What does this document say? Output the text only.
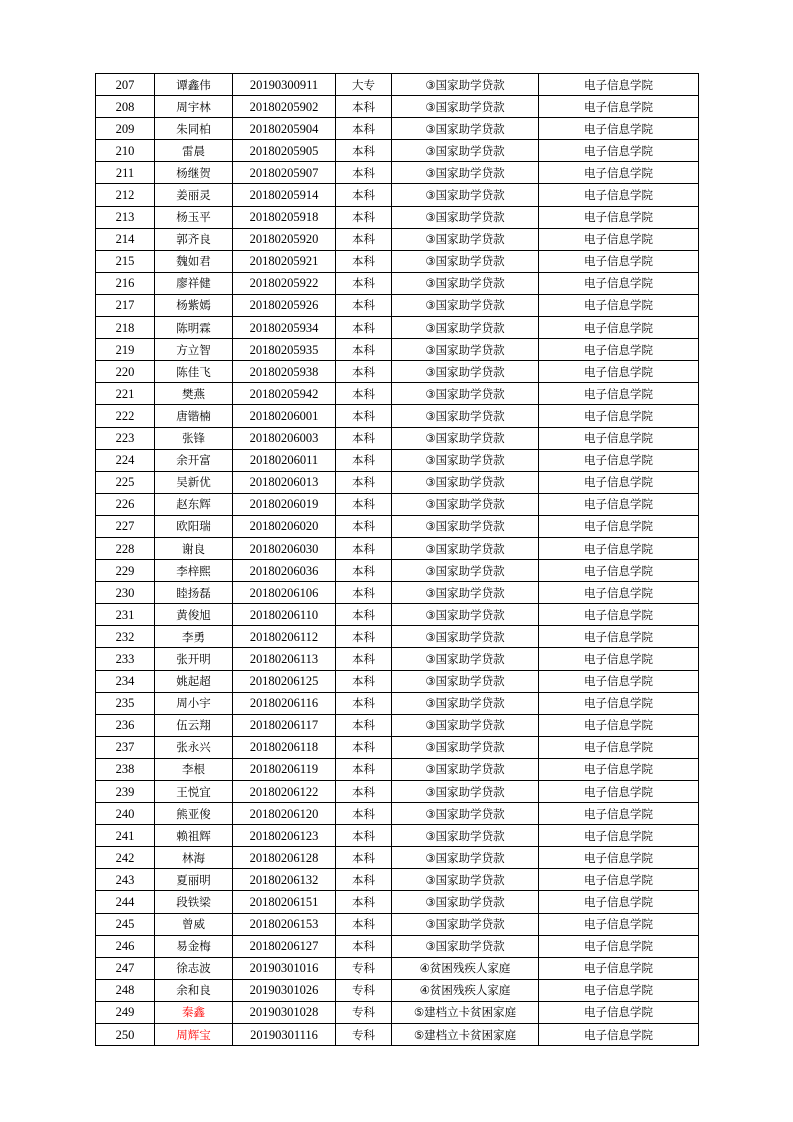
207	谭鑫伟	20190300911	大专	③国家助学贷款	电子信息学院
208	周宇林	20180205902	本科	③国家助学贷款	电子信息学院
209	朱同柏	20180205904	本科	③国家助学贷款	电子信息学院
210	雷晨	20180205905	本科	③国家助学贷款	电子信息学院
211	杨继贺	20180205907	本科	③国家助学贷款	电子信息学院
212	姜丽灵	20180205914	本科	③国家助学贷款	电子信息学院
213	杨玉平	20180205918	本科	③国家助学贷款	电子信息学院
214	郭齐良	20180205920	本科	③国家助学贷款	电子信息学院
215	魏如君	20180205921	本科	③国家助学贷款	电子信息学院
216	廖祥健	20180205922	本科	③国家助学贷款	电子信息学院
217	杨紫嫣	20180205926	本科	③国家助学贷款	电子信息学院
218	陈明霖	20180205934	本科	③国家助学贷款	电子信息学院
219	方立智	20180205935	本科	③国家助学贷款	电子信息学院
220	陈佳飞	20180205938	本科	③国家助学贷款	电子信息学院
221	樊燕	20180205942	本科	③国家助学贷款	电子信息学院
222	唐锴楠	20180206001	本科	③国家助学贷款	电子信息学院
223	张锋	20180206003	本科	③国家助学贷款	电子信息学院
224	余开富	20180206011	本科	③国家助学贷款	电子信息学院
225	吴新优	20180206013	本科	③国家助学贷款	电子信息学院
226	赵东辉	20180206019	本科	③国家助学贷款	电子信息学院
227	欧阳瑞	20180206020	本科	③国家助学贷款	电子信息学院
228	谢良	20180206030	本科	③国家助学贷款	电子信息学院
229	李梓熙	20180206036	本科	③国家助学贷款	电子信息学院
230	睦扬磊	20180206106	本科	③国家助学贷款	电子信息学院
231	黄俊旭	20180206110	本科	③国家助学贷款	电子信息学院
232	李勇	20180206112	本科	③国家助学贷款	电子信息学院
233	张开明	20180206113	本科	③国家助学贷款	电子信息学院
234	姚起超	20180206125	本科	③国家助学贷款	电子信息学院
235	周小宇	20180206116	本科	③国家助学贷款	电子信息学院
236	伍云翔	20180206117	本科	③国家助学贷款	电子信息学院
237	张永兴	20180206118	本科	③国家助学贷款	电子信息学院
238	李根	20180206119	本科	③国家助学贷款	电子信息学院
239	王悦宜	20180206122	本科	③国家助学贷款	电子信息学院
240	熊亚俊	20180206120	本科	③国家助学贷款	电子信息学院
241	赖祖辉	20180206123	本科	③国家助学贷款	电子信息学院
242	林海	20180206128	本科	③国家助学贷款	电子信息学院
243	夏丽明	20180206132	本科	③国家助学贷款	电子信息学院
244	段铁梁	20180206151	本科	③国家助学贷款	电子信息学院
245	曾威	20180206153	本科	③国家助学贷款	电子信息学院
246	易金梅	20180206127	本科	③国家助学贷款	电子信息学院
247	徐志波	20190301016	专科	④贫困残疾人家庭	电子信息学院
248	余和良	20190301026	专科	④贫困残疾人家庭	电子信息学院
249	秦鑫	20190301028	专科	⑤建档立卡贫困家庭	电子信息学院
250	周辉宝	20190301116	专科	⑤建档立卡贫困家庭	电子信息学院
